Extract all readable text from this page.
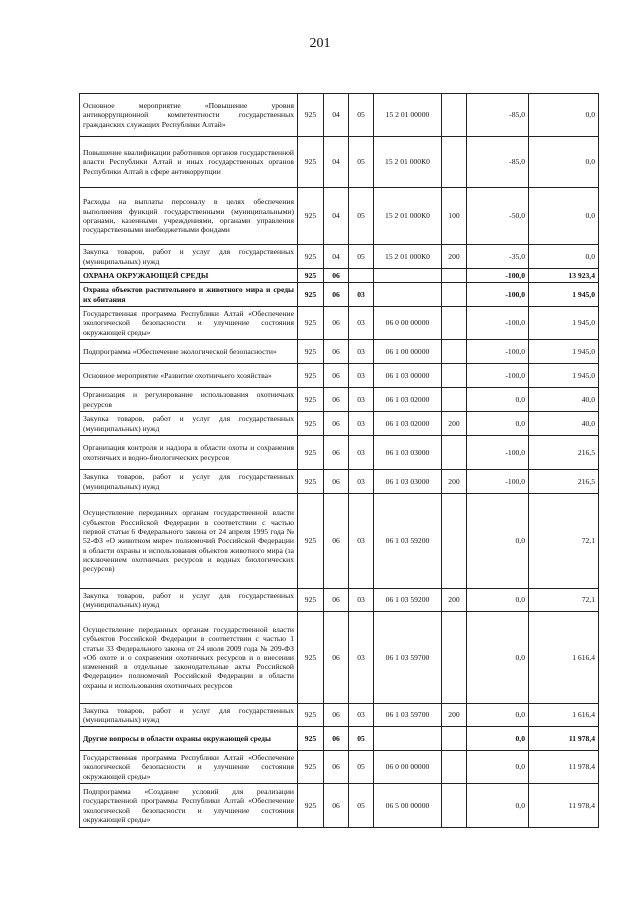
201
Основное мероприятие «Повышение уровня антикоррупционной компетентности государственных гражданских служащих Республики Алтай»	925	04	05	15 2 01 00000		-85,0	0,0
Повышение квалификации работников органов государственной власти Республики Алтай и иных государственных органов Республики Алтай в сфере антикоррупции	925	04	05	15 2 01 000К0		-85,0	0,0
Расходы на выплаты персоналу в целях обеспечения выполнения функций государственными (муниципальными) органами, казенными учреждениями, органами управления государственными внебюджетными фондами	925	04	05	15 2 01 000К0	100	-50,0	0,0
Закупка товаров, работ и услуг для государственных (муниципальных) нужд	925	04	05	15 2 01 000К0	200	-35,0	0,0
ОХРАНА ОКРУЖАЮЩЕЙ СРЕДЫ	925	06				-100,0	13 923,4
Охрана объектов растительного и животного мира и среды их обитания	925	06	03			-100,0	1 945,0
Государственная программа Республики Алтай «Обеспечение экологической безопасности и улучшение состояния окружающей среды»	925	06	03	06 0 00 00000		-100,0	1 945,0
Подпрограмма «Обеспечение экологической безопасности»	925	06	03	06 1 00 00000		-100,0	1 945,0
Основное мероприятие «Развитие охотничьего хозяйства»	925	06	03	06 1 03 00000		-100,0	1 945,0
Организация и регулирование использования охотничьих ресурсов	925	06	03	06 1 03 02000		0,0	40,0
Закупка товаров, работ и услуг для государственных (муниципальных) нужд	925	06	03	06 1 03 02000	200	0,0	40,0
Организация контроля и надзора в области охоты и сохранения охотничьих и водно-биологических ресурсов	925	06	03	06 1 03 03000		-100,0	216,5
Закупка товаров, работ и услуг для государственных (муниципальных) нужд	925	06	03	06 1 03 03000	200	-100,0	216,5
Осуществление переданных органам государственной власти субъектов Российской Федерации в соответствии с частью первой статьи 6 Федерального закона от 24 апреля 1995 года № 52-ФЗ «О животном мире» полномочий Российской Федерации в области охраны и использования объектов животного мира (за исключением охотничьих ресурсов и водных биологических ресурсов)	925	06	03	06 1 03 59200		0,0	72,1
Закупка товаров, работ и услуг для государственных (муниципальных) нужд	925	06	03	06 1 03 59200	200	0,0	72,1
Осуществление переданных органам государственной власти субъектов Российской Федерации в соответствии с частью 1 статьи 33 Федерального закона от 24 июля 2009 года № 209-ФЗ «Об охоте и о сохранении охотничьих ресурсов и о внесении изменений в отдельные законодательные акты Российской Федерации» полномочий Российской Федерации в области охраны и использования охотничьих ресурсов	925	06	03	06 1 03 59700		0,0	1 616,4
Закупка товаров, работ и услуг для государственных (муниципальных) нужд	925	06	03	06 1 03 59700	200	0,0	1 616,4
Другие вопросы в области охраны окружающей среды	925	06	05			0,0	11 978,4
Государственная программа Республики Алтай «Обеспечение экологической безопасности и улучшение состояния окружающей среды»	925	06	05	06 0 00 00000		0,0	11 978,4
Подпрограмма «Создание условий для реализации государственной программы Республики Алтай «Обеспечение экологической безопасности и улучшение состояния окружающей среды»	925	06	05	06 5 00 00000		0,0	11 978,4
